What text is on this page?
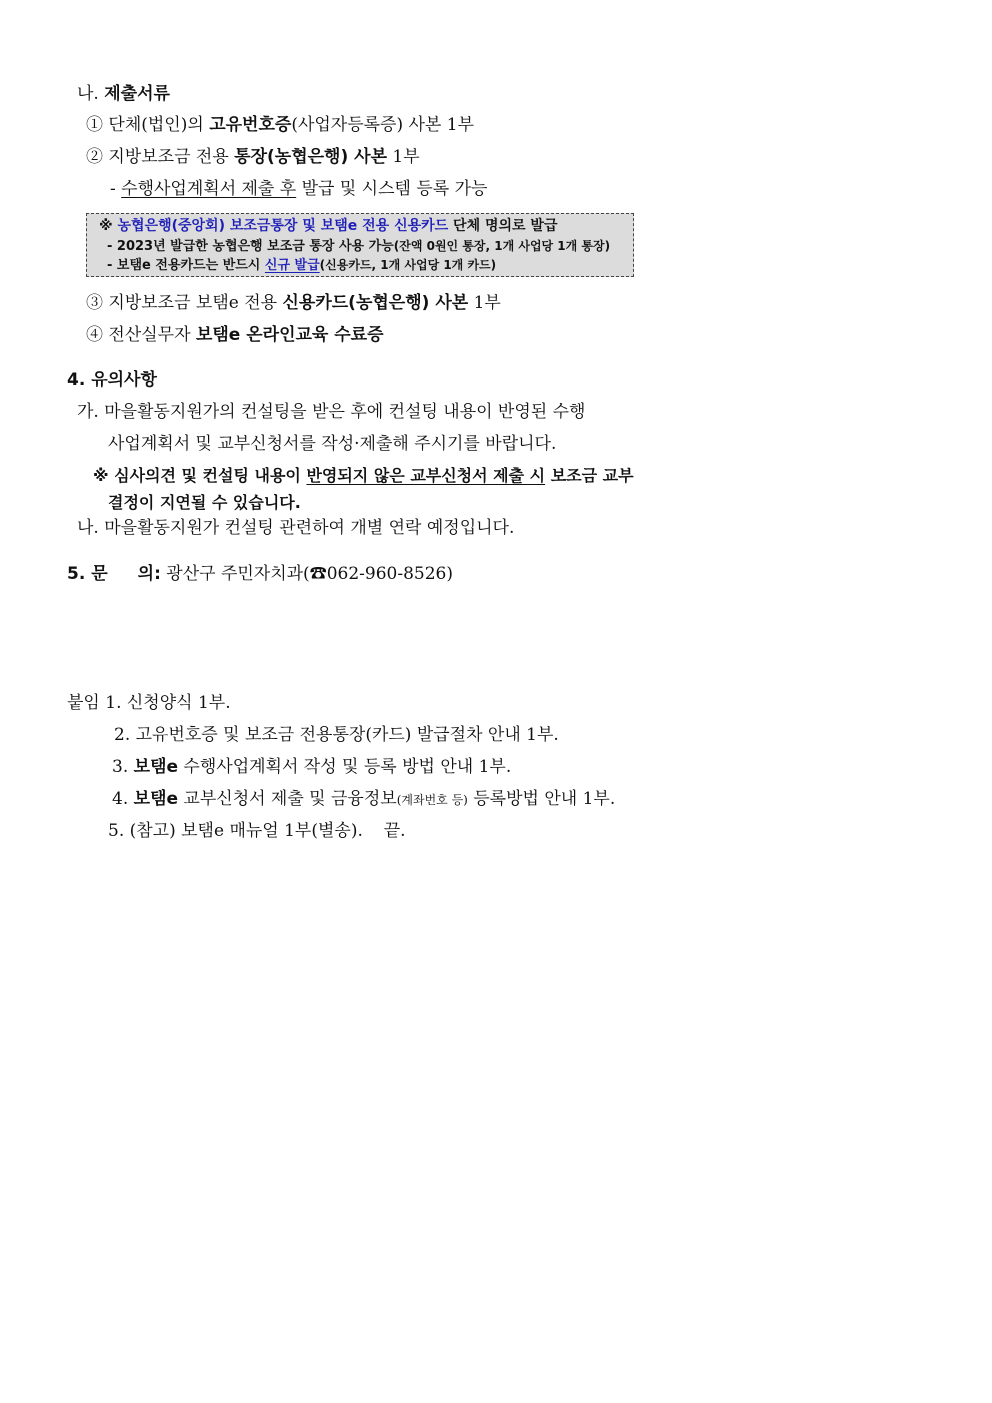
나. 제출서류
① 단체(법인)의 고유번호증(사업자등록증) 사본 1부
② 지방보조금 전용 통장(농협은행) 사본 1부
- 수행사업계획서 제출 후 발급 및 시스템 등록 가능
※ 농협은행(중앙회) 보조금통장 및 보탬e 전용 신용카드 단체 명의로 발급
- 2023년 발급한 농협은행 보조금 통장 사용 가능(잔액 0원인 통장, 1개 사업당 1개 통장)
- 보탬e 전용카드는 반드시 신규 발급(신용카드, 1개 사업당 1개 카드)
③ 지방보조금 보탬e 전용 신용카드(농협은행) 사본 1부
④ 전산실무자 보탬e 온라인교육 수료증
4. 유의사항
가. 마을활동지원가의 컨설팅을 받은 후에 컨설팅 내용이 반영된 수행
사업계획서 및 교부신청서를 작성·제출해 주시기를 바랍니다.
※ 심사의견 및 컨설팅 내용이 반영되지 않은 교부신청서 제출 시 보조금 교부
결정이 지연될 수 있습니다.
나. 마을활동지원가 컨설팅 관련하여 개별 연락 예정입니다.
5. 문 의: 광산구 주민자치과(☎062-960-8526)
붙임 1. 신청양식 1부.
2. 고유번호증 및 보조금 전용통장(카드) 발급절차 안내 1부.
3. 보탬e 수행사업계획서 작성 및 등록 방법 안내 1부.
4. 보탬e 교부신청서 제출 및 금융정보(계좌번호 등) 등록방법 안내 1부.
5. (참고) 보탬e 매뉴얼 1부(별송). 끝.
